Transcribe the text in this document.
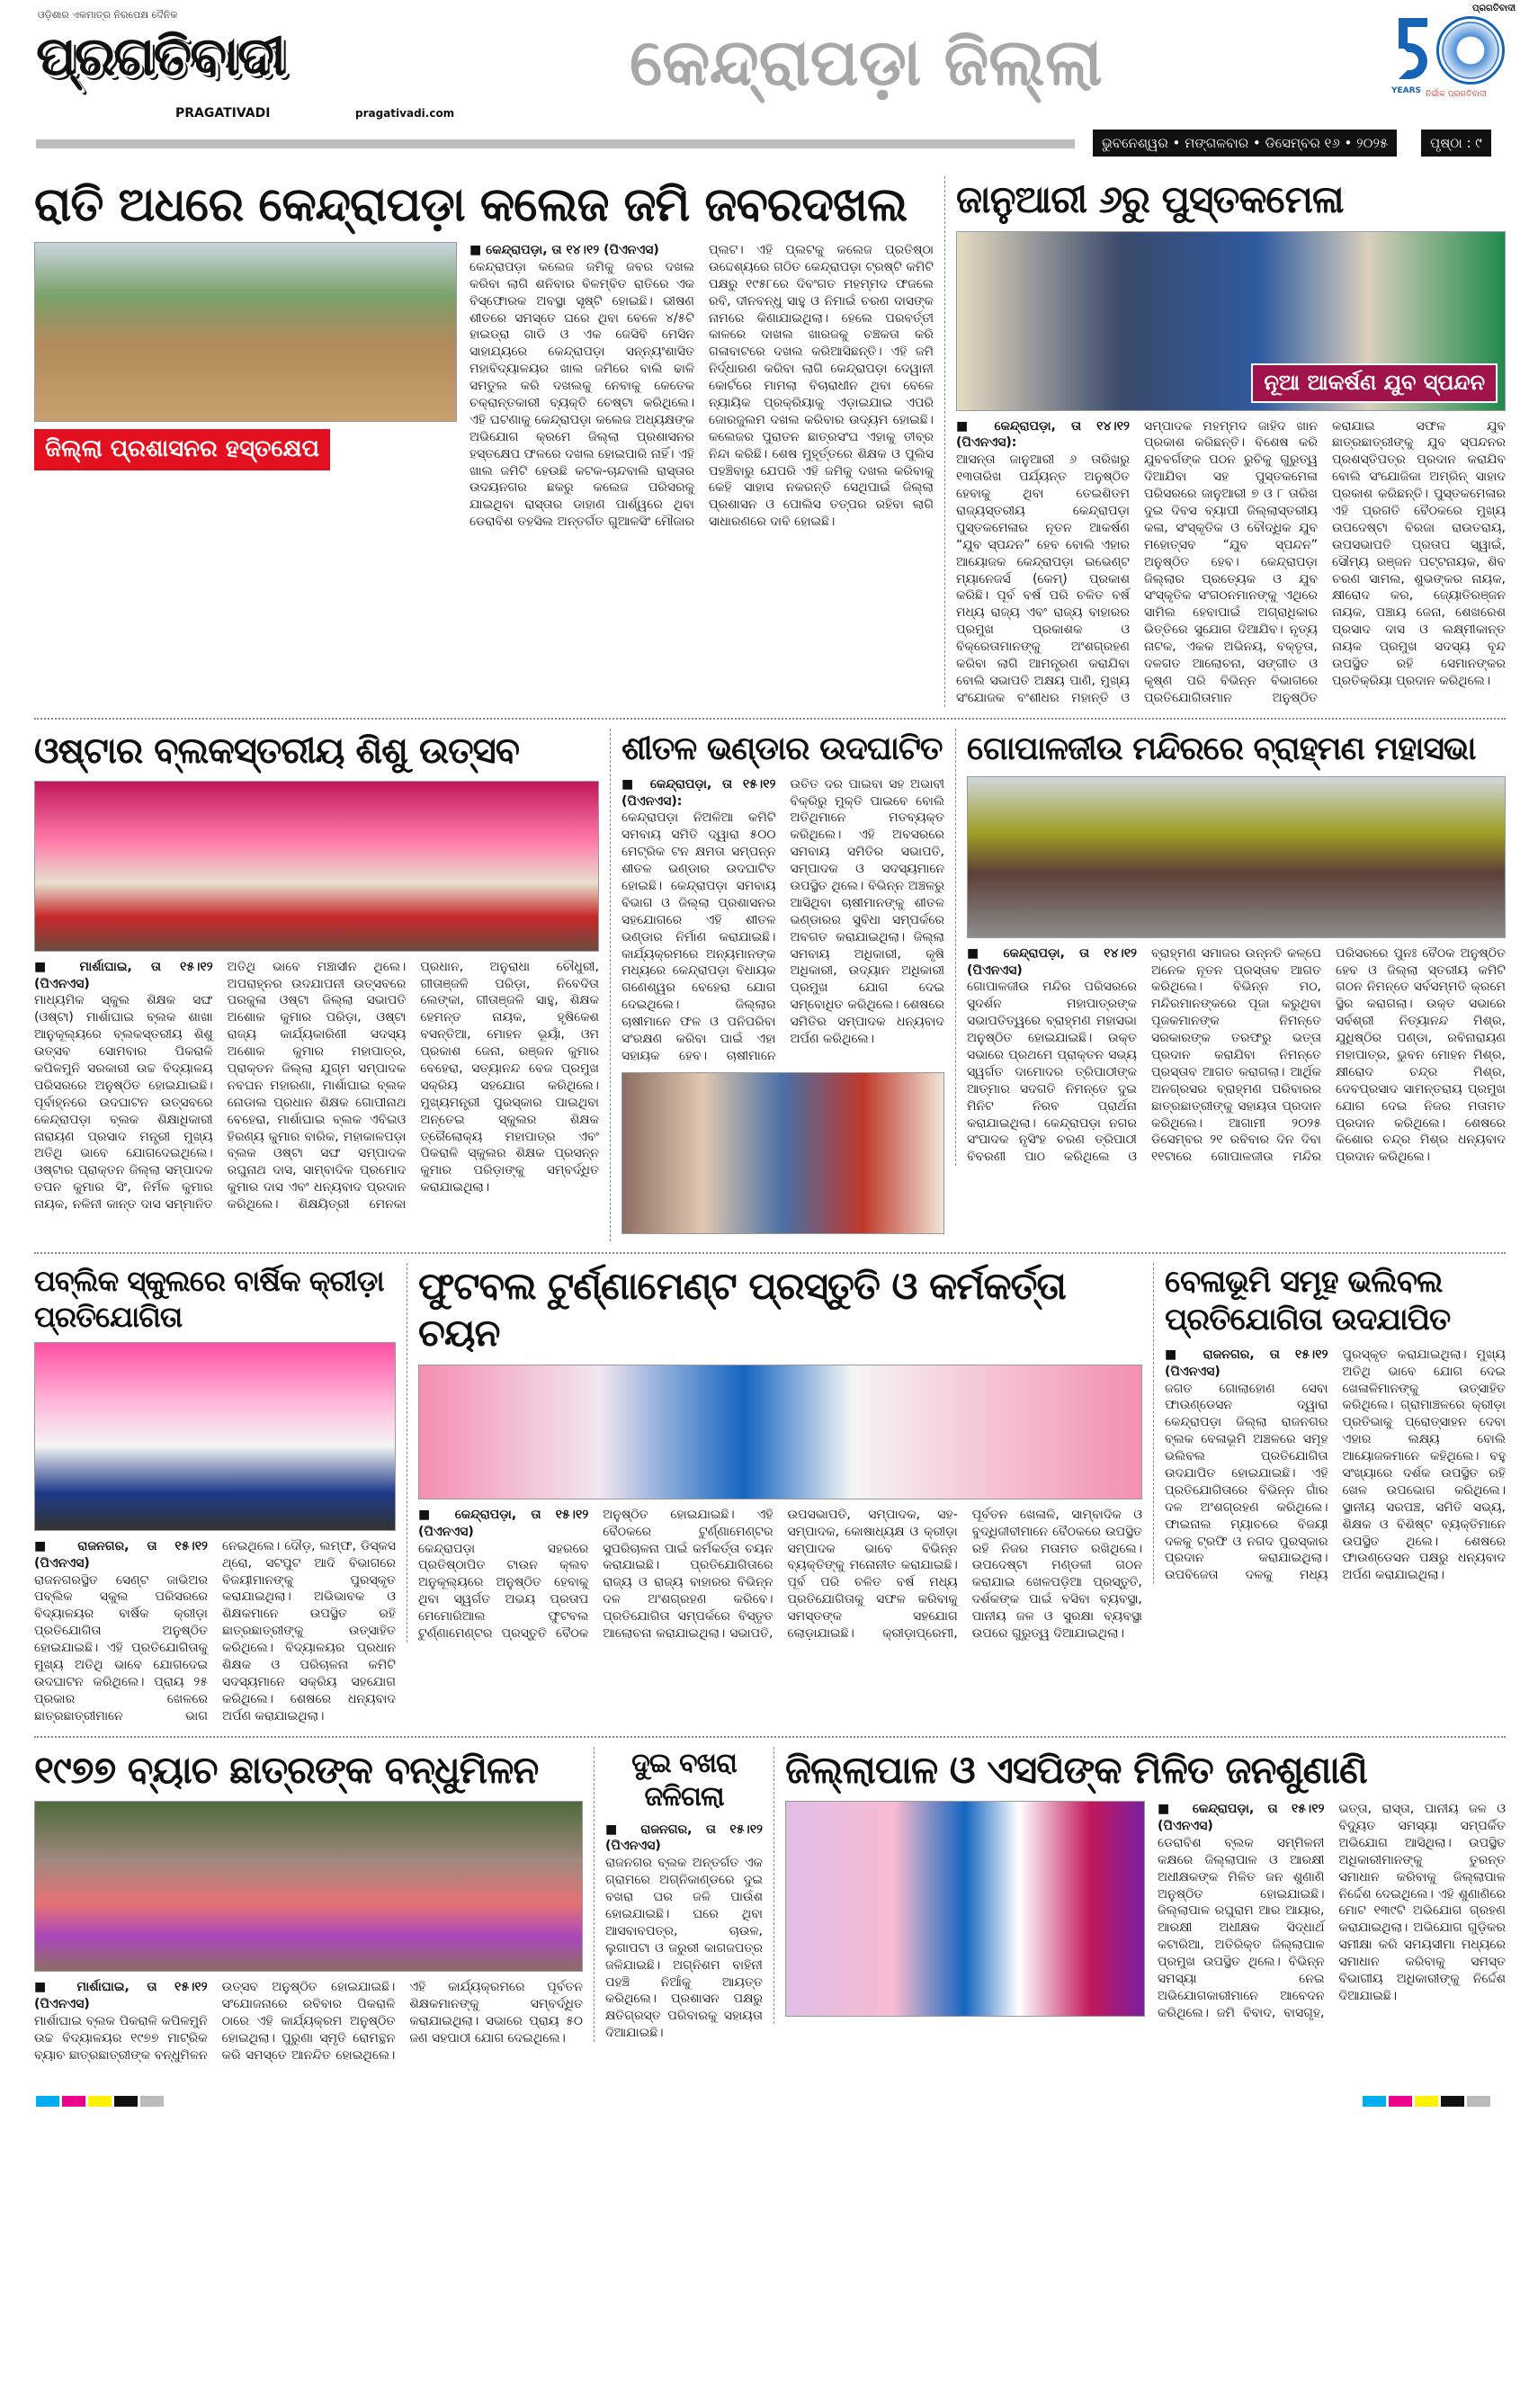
ଓଡ଼ିଶାର ଏକମାତ୍ର ନିରପେକ୍ଷ ଦୈନିକ
ପ୍ରଗତିବାଦୀ
PRAGATIVADI	pragativadi.com
କେନ୍ଦ୍ରାପଡ଼ା ଜିଲ୍ଲା
ପ୍ରଗତିବାଦୀ
YEARS ନିର୍ଭୀକ ପ୍ରଗତିବାଦୀ
ଭୁବନେଶ୍ୱର • ମଙ୍ଗଳବାର • ଡିସେମ୍ବର ୧୬ • ୨୦୨୫	ପୃଷ୍ଠା : ୯
ରାତି ଅଧରେ କେନ୍ଦ୍ରାପଡ଼ା କଲେଜ ଜମି ଜବରଦଖଲ
ଜିଲ୍ଲା ପ୍ରଶାସନର ହସ୍ତକ୍ଷେପ
■ କେନ୍ଦ୍ରାପଡ଼ା, ତା ୧୪।୧୨ (ପିଏନଏସ)
କେନ୍ଦ୍ରାପଡ଼ା କଲେଜ ଜମିକୁ ଜବର ଦଖଲ କରିବା ଲାଗି ଶନିବାର ବିଳମ୍ବିତ ରାତିରେ ଏକ ବିସ୍ଫୋରକ ଅବସ୍ଥା ସୃଷ୍ଟି ହୋଇଛି। ଭୀଷଣ ଶୀତରେ ସମସ୍ତେ ଘରେ ଥିବା ବେଳେ ୪/୫ଟି ହାଇଡ୍ରା ଗାଡି ଓ ଏକ ଜେସିବି ମେସିନ ସାହାଯ୍ୟରେ କେନ୍ଦ୍ରାପଡ଼ା ସନ୍ନ୍ୟଂଶାସିତ ମହାବିଦ୍ୟାଳୟର ଖାଲ ଜମିରେ ବାଲି ଢାଳି ସମତୁଲ କରି ଦଖଲକୁ ନେବାକୁ କେତେକ ଚକ୍ରାନ୍ତକାରୀ ବ୍ୟକ୍ତି ଚେଷ୍ଟା କରିଥିଲେ। ଏହି ଘଟଣାକୁ କେନ୍ଦ୍ରାପଡ଼ା କଲେଜ ଅଧ୍ୟକ୍ଷଙ୍କ ଅଭିଯୋଗ କ୍ରମେ ଜିଲ୍ଲା ପ୍ରଶାସନର ହସ୍ତକ୍ଷେପ ଫଳରେ ଦଖଲ ହୋଇପାରି ନାହିଁ। ଏହି ଖାଲ ଜମିଟି ହେଉଛି କଟକ-ଚାନ୍ଦବାଲି ରାସ୍ତାର ଉଦୟନଗର ଛକରୁ କଲେଜ ପରିସରକୁ ଯାଇଥିବା ରାସ୍ତାର ଡାହାଣ ପାର୍ଶ୍ୱରେ ଥିବା ଡେରାବିଶ ତହସିଲ ଅନ୍ତର୍ଗତ ଗୁଆଳସିଂ ମୌଜାର ପ୍ଲଟ। ଏହି ପ୍ଲଟକୁ କଲେଜ ପ୍ରତିଷ୍ଠା ଉଦ୍ଦେଶ୍ୟରେ ଗଠିତ କେନ୍ଦ୍ରାପଡ଼ା ଟ୍ରଷ୍ଟି କମିଟି ପକ୍ଷରୁ ୧୯୫୮ରେ ଦିବଂଗତ ମହମ୍ମଦ ଫଜଲେ ରବି, ଦୀନବନ୍ଧୁ ସାହୁ ଓ ନିମାଇଁ ଚରଣ ଦାସଙ୍କ ନାମରେ କିଣାଯାଇଥିଲା। ହେଲେ ପରବର୍ତ୍ତୀ କାଳରେ ଦାଖଲ ଖାରଜକୁ ଚଞ୍ଚକତା କରି ଗଳାବାଟରେ ଦଖଲ କରିଆସିଛନ୍ତି। ଏହି ଜମି ନିର୍ଦ୍ଧାରଣ କରିବା ଲାଗି କେନ୍ଦ୍ରାପଡ଼ା ଦେୱାନୀ କୋର୍ଟରେ ମାମଲା ବିଚାରାଧୀନ ଥିବା ବେଳେ ନ୍ୟାୟିକ ପ୍ରକ୍ରିୟାକୁ ଏଡ଼ାଇଯାଇ ଏପରି ଜୋରଜୁଲମ ଦଖଲ କରିବାର ଉଦ୍ୟମ ହୋଇଛି। କଲେଜର ପୁରାତନ ଛାତ୍ରସଂଘ ଏହାକୁ ତୀବ୍ର ନିନ୍ଦା କରିଛି। ଶେଷ ମୁହୂର୍ତ୍ତରେ ଶିକ୍ଷକ ଓ ପୁଲିସ ପହଞ୍ଚିବାରୁ ଯେପରି ଏହି ଜମିକୁ ଦଖଲ କରିବାକୁ କେହି ସାହାସ ନକରନ୍ତି ସେଥିପାଇଁ ଜିଲ୍ଲା ପ୍ରଶାସନ ଓ ପୋଲିସ ତତ୍ପର ରହିବା ଲାଗି ସାଧାରଣରେ ଦାବି ହୋଇଛି।
ଜାନୁଆରୀ ୬ରୁ ପୁସ୍ତକମେଳା
ନୂଆ ଆକର୍ଷଣ ଯୁବ ସ୍ପନ୍ଦନ
■ କେନ୍ଦ୍ରାପଡ଼ା, ତା ୧୪।୧୨ (ପିଏନଏସ):
ଆସନ୍ତା ଜାନୁଆରୀ ୬ ତାରିଖରୁ ୧୩ତାରିଖ ପର୍ଯ୍ୟନ୍ତ ଅନୁଷ୍ଠିତ ହେବାକୁ ଥିବା ତେଇଶିତମ ରାଜ୍ୟସ୍ତରୀୟ କେନ୍ଦ୍ରାପଡ଼ା ପୁସ୍ତକମେଳାର ନୂତନ ଆକର୍ଷଣ “ଯୁବ ସ୍ପନ୍ଦନ” ହେବ ବୋଲି ଏହାର ଆୟୋଜକ କେନ୍ଦ୍ରାପଡ଼ା ଇଭେଣ୍ଟ ମ୍ୟାନେଜର୍ସ (କେମ୍) ପ୍ରକାଶ କରିଛି। ପୂର୍ବ ବର୍ଷ ପରି ଚଳିତ ବର୍ଷ ମଧ୍ୟ ରାଜ୍ୟ ଏବଂ ରାଜ୍ୟ ବାହାରର ପ୍ରମୁଖ ପ୍ରକାଶକ ଓ ବିକ୍ରେତାମାନଙ୍କୁ ଅଂଶଗ୍ରହଣ କରିବା ଲାଗି ଆମନ୍ତ୍ରଣ କରାଯିବା ବୋଲି ସଭାପତି ଅକ୍ଷୟ ପାଣି, ମୁଖ୍ୟ ସଂଯୋଜକ ବଂଶୀଧର ମହାନ୍ତି ଓ ସମ୍ପାଦକ ମହମ୍ମଦ ଜାହିଦ ଖାନ ପ୍ରକାଶ କରିଛନ୍ତି। ବିଶେଷ କରି ଯୁବବର୍ଗଙ୍କ ପଠନ ରୁଚିକୁ ଗୁରୁତ୍ୱ ଦିଆଯିବା ସହ ପୁସ୍ତକମେଳା ପରିସରରେ ଜାନୁଆରୀ ୭ ଓ ୮ ତାରିଖ ଦୁଇ ଦିବସ ବ୍ୟାପୀ ଜିଲ୍ଲାସ୍ତରୀୟ କଳା, ସଂସ୍କୃତିକ ଓ ବୌଦ୍ଧିକ ଯୁବ ମହୋତ୍ସବ “ଯୁବ ସ୍ପନ୍ଦନ” ଅନୁଷ୍ଠିତ ହେବ। କେନ୍ଦ୍ରାପଡ଼ା ଜିଲ୍ଲାର ପ୍ରତ୍ୟେକ ଓ ଯୁବ ସଂସ୍କୃତିକ ସଂଗଠନମାନଙ୍କୁ ଏଥିରେ ସାମିଲ ହେବାପାଇଁ ଅଗ୍ରାଧିକାର ଭିତ୍ତିରେ ସୁଯୋଗ ଦିଆଯିବ। ନୃତ୍ୟ ନାଟକ, ଏକକ ଅଭିନୟ, ବକ୍ତୃତା, ଦଳଗତ ଆଲୋଚନା, ସଙ୍ଗୀତ ଓ କୃଷ୍ଣ ପରି ବିଭିନ୍ନ ବିଭାଗରେ ପ୍ରତିଯୋଗିତାମାନ ଅନୁଷ୍ଠିତ କରାଯାଇ ସଫଳ ଯୁବ ଛାତ୍ରଛାତ୍ରୀଙ୍କୁ ଯୁବ ସ୍ପନ୍ଦନର ପ୍ରଶସ୍ତିପତ୍ର ପ୍ରଦାନ କରାଯିବ ବୋଲି ସଂଯୋଜିକା ଅମ୍ରିନ୍ ସାହାଦ ପ୍ରକାଶ କରିଛନ୍ତି। ପୁସ୍ତକମେଳାର ଏହି ପ୍ରଗତି ବୈଠକରେ ମୁଖ୍ୟ ଉପଦେଷ୍ଟା ବିରଜା ରାଉତରାୟ, ଉପସଭାପତି ପ୍ରତାପ ସ୍ୱାଇଁ, ସୌମ୍ୟ ରଞ୍ଜନ ପଟ୍ଟନାୟକ, ଶିବ ଚରଣ ସାମଲ, ଶୁଭଙ୍କର ନାୟକ, କ୍ଷୀରୋଦ କର, ଜ୍ୟୋତିରଞ୍ଜନ ନାୟକ, ପଞ୍ଚାୟ ଜେନା, ଶେଖରେଶ ପ୍ରସାଦ ଦାସ ଓ ଲକ୍ଷ୍ମୀକାନ୍ତ ନାୟକ ପ୍ରମୁଖ ସଦସ୍ୟ ବୃନ୍ଦ ଉପସ୍ଥିତ ରହି ସେମାନଙ୍କର ପ୍ରତିକ୍ରିୟା ପ୍ରଦାନ କରିଥିଲେ।
ଓଷ୍ଟାର ବ୍ଲକସ୍ତରୀୟ ଶିଶୁ ଉତ୍ସବ
■ ମାର୍ଶାଘାଇ, ତା ୧୫।୧୨ (ପିଏନଏସ)
ମାଧ୍ୟମିକ ସ୍କୁଲ ଶିକ୍ଷକ ସଙ୍ଘ (ଓଷ୍ଟା) ମାର୍ଶାଘାଇ ବ୍ଲକ ଶାଖା ଆନୁକୂଲ୍ୟରେ ବ୍ଲକସ୍ତରୀୟ ଶିଶୁ ଉତ୍ସବ ସୋମବାର ପିକରାଳି କପିଳମୁନି ସରକାରୀ ଉଚ୍ଚ ବିଦ୍ୟାଳୟ ପରିସରରେ ଅନୁଷ୍ଠିତ ହୋଇଯାଇଛି। ପୂର୍ବାହ୍ନରେ ଉଦଘାଟନ ଉତ୍ସବରେ କେନ୍ଦ୍ରାପଡ଼ା ବ୍ଲକ ଶିକ୍ଷାଧିକାରୀ ନାରାୟଣ ପ୍ରସାଦ ମନ୍ତ୍ରୀ ମୁଖ୍ୟ ଅତିଥି ଭାବେ ଯୋଗଦେଇଥିଲେ। ଓଷ୍ଟାର ପ୍ରାକ୍ତନ ଜିଲ୍ଲା ସମ୍ପାଦକ ତପନ କୁମାର ସିଂ, ନିର୍ମଳ କୁମାର ନାୟକ, ନଳିନୀ କାନ୍ତ ଦାସ ସମ୍ମାନିତ ଅତିଥି ଭାବେ ମଞ୍ଚାସୀନ ଥିଲେ। ଅପରାହ୍ନର ଉଦଯାପନୀ ଉତ୍ସବରେ ପରକୁଳା ଓଷ୍ଟା ଜିଲ୍ଲା ସଭାପତି ଅଶୋକ କୁମାର ପରିଡ଼ା, ଓଷ୍ଟା ରାଜ୍ୟ କାର୍ଯ୍ୟକାରିଣୀ ସଦସ୍ୟ ଅଶୋକ କୁମାର ମହାପାତ୍ର, ପ୍ରାକ୍ତନ ଜିଲ୍ଲା ଯୁଗ୍ମ ସମ୍ପାଦକ ନବଘନ ମହାରଣା, ମାର୍ଶାଘାଇ ବ୍ଲକ ନୋଡାଲ ପ୍ରଧାନ ଶିକ୍ଷକ ଗୋପୀନାଥ ବେହେରା, ମାର୍ଶାଘାଇ ବ୍ଲକ ଏବିଇଓ ହିରଣ୍ୟ କୁମାର ବାରିକ, ମହାକାଳପଡ଼ା ବ୍ଲକ ଓଷ୍ଟା ସଙ୍ଘ ସମ୍ପାଦକ ରଘୁନାଥ ଦାସ, ସାମ୍ବାଦିକ ପ୍ରମୋଦ କୁମାର ଦାସ ଏବଂ ଧନ୍ୟବାଦ ପ୍ରଦାନ କରିଥିଲେ। ଶିକ୍ଷୟିତ୍ରୀ ମେନକା ପ୍ରଧାନ, ଅନୁରାଧା ଚୌଧୁରୀ, ଗୀତାଞ୍ଜଳି ପରିଡ଼ା, ନିବେଦିତା ଲେଙ୍କା, ଗୀତାଞ୍ଜଳି ସାହୁ, ଶିକ୍ଷକ ହେମନ୍ତ ନାୟକ, ହୃଷିକେଶ ବସନ୍ତିଆ, ମୋହନ ଭୂୟାଁ, ଓମ ପ୍ରକାଶ ଜେନା, ରଞ୍ଜନ କୁମାର ବେହେରା, ସତ୍ୟାନନ୍ଦ ବେଜ ପ୍ରମୁଖ ସକ୍ରିୟ ସହଯୋଗ କରିଥିଲେ। ମୁଖ୍ୟମନ୍ତ୍ରୀ ପୁରସ୍କାର ପାଇଥିବା ଅନ୍ତେଇ ସ୍କୁଲର ଶିକ୍ଷକ ତ୍ରୈଲୋକ୍ୟ ମହାପାତ୍ର ଏବଂ ପିକରାଳି ସ୍କୁଲର ଶିକ୍ଷକ ପ୍ରସନ୍ନ କୁମାର ପରିଡ଼ାଙ୍କୁ ସମ୍ବର୍ଦ୍ଧିତ କରାଯାଇଥିଲା।
ଶୀତଳ ଭଣ୍ଡାର ଉଦଘାଟିତ
■ କେନ୍ଦ୍ରାପଡ଼ା, ତା ୧୫।୧୨ (ପିଏନଏସ):
କେନ୍ଦ୍ରାପଡ଼ା ନିଅଳିଆ କମିଟି ସମବାୟ ସମିତି ଦ୍ୱାରା ୫୦୦ ମେଟ୍ରିକ ଟନ କ୍ଷମତା ସମ୍ପନ୍ନ ଶୀତଳ ଭଣ୍ଡାର ଉଦଘାଟିତ ହୋଇଛି। କେନ୍ଦ୍ରାପଡ଼ା ସମବାୟ ବିଭାଗ ଓ ଜିଲ୍ଲା ପ୍ରଶାସନର ସହଯୋଗରେ ଏହି ଶୀତଳ ଭଣ୍ଡାର ନିର୍ମାଣ କରାଯାଇଛି। କାର୍ଯ୍ୟକ୍ରମରେ ଅନ୍ୟମାନଙ୍କ ମଧ୍ୟରେ କେନ୍ଦ୍ରାପଡ଼ା ବିଧାୟକ ଗଣେଶ୍ୱର ବେହେରା ଯୋଗ ଦେଇଥିଲେ। ଜିଲ୍ଲାର ଚାଷୀମାନେ ଫଳ ଓ ପନିପରିବା ସଂରକ୍ଷଣ କରିବା ପାଇଁ ଏହା ସହାୟକ ହେବ। ଚାଷୀମାନେ ଉଚିତ ଦର ପାଇବା ସହ ଅଭାବୀ ବିକ୍ରିରୁ ମୁକ୍ତି ପାଇବେ ବୋଲି ଅତିଥିମାନେ ମତବ୍ୟକ୍ତ କରିଥିଲେ। ଏହି ଅବସରରେ ସମବାୟ ସମିତିର ସଭାପତି, ସମ୍ପାଦକ ଓ ସଦସ୍ୟମାନେ ଉପସ୍ଥିତ ଥିଲେ। ବିଭିନ୍ନ ଅଞ୍ଚଳରୁ ଆସିଥିବା ଚାଷୀମାନଙ୍କୁ ଶୀତଳ ଭଣ୍ଡାରର ସୁବିଧା ସମ୍ପର୍କରେ ଅବଗତ କରାଯାଇଥିଲା। ଜିଲ୍ଲା ସମବାୟ ଅଧିକାରୀ, କୃଷି ଅଧିକାରୀ, ଉଦ୍ୟାନ ଅଧିକାରୀ ପ୍ରମୁଖ ଯୋଗ ଦେଇ ସମ୍ବୋଧିତ କରିଥିଲେ। ଶେଷରେ ସମିତିର ସମ୍ପାଦକ ଧନ୍ୟବାଦ ଅର୍ପଣ କରିଥିଲେ।
ଗୋପାଳଜୀଉ ମନ୍ଦିରରେ ବ୍ରାହ୍ମଣ ମହାସଭା
■ କେନ୍ଦ୍ରାପଡ଼ା, ତା ୧୪।୧୨ (ପିଏନଏସ)
ଗୋପାଳଜୀଉ ମନ୍ଦିର ପରିସରରେ ସୁଦର୍ଶନ ମହାପାତ୍ରଙ୍କ ସଭାପତିତ୍ୱରେ ବ୍ରାହ୍ମଣ ମହାସଭା ଅନୁଷ୍ଠିତ ହୋଇଯାଇଛି। ଉକ୍ତ ସଭାରେ ପ୍ରଥମେ ପ୍ରାକ୍ତନ ସଭ୍ୟ ସ୍ୱର୍ଗତ ଦାମୋଦର ତ୍ରିପାଠୀଙ୍କ ଆତ୍ମାର ସଦଗତି ନିମନ୍ତେ ଦୁଇ ମିନିଟ ନିରବ ପ୍ରାର୍ଥନା କରାଯାଇଥିଲା। କେନ୍ଦ୍ରାପଡ଼ା ନଗର ସଂପାଦକ ନୃସିଂହ ଚରଣ ତ୍ରିପାଠୀ ବିବରଣୀ ପାଠ କରିଥିଲେ ଓ ବ୍ରାହ୍ମଣ ସମାଜର ଉନ୍ନତି କଳ୍ପେ ଅନେକ ନୂତନ ପ୍ରସ୍ତାବ ଆଗତ କରିଥିଲେ। ବିଭିନ୍ନ ମଠ, ମନ୍ଦିରମାନଙ୍କରେ ପୂଜା କରୁଥିବା ପୂଜକମାନଙ୍କ ନିମନ୍ତେ ସରକାରଙ୍କ ତରଫରୁ ଭତ୍ତା ପ୍ରଦାନ କରାଯିବା ନିମନ୍ତେ ପ୍ରସ୍ତାବ ଆଗତ କରାଗଲା। ଆର୍ଥିକ ଅନଗ୍ରସର ବ୍ରାହ୍ମଣ ପରିବାରର ଛାତ୍ରଛାତ୍ରୀଙ୍କୁ ସହାୟତା ପ୍ରଦାନ କରିଥିଲେ। ଆଗାମୀ ୨୦୨୫ ଡିସେମ୍ବର ୨୧ ରବିବାର ଦିନ ଦିବା ୧୧ଟାରେ ଗୋପାଳଜୀଉ ମନ୍ଦିର ପରିସରରେ ପୁନଃ ବୈଠକ ଅନୁଷ୍ଠିତ ହେବ ଓ ଜିଲ୍ଲା ସ୍ତରୀୟ କମିଟି ଗଠନ ନିମନ୍ତେ ସର୍ବସମ୍ମତି କ୍ରମେ ସ୍ଥିର କରାଗଲା। ଉକ୍ତ ସଭାରେ ସର୍ବଶ୍ରୀ ନିତ୍ୟାନନ୍ଦ ମିଶ୍ର, ଯୁଧିଷ୍ଠିର ପଣ୍ଡା, ରବିନାରାୟଣ ମହାପାତ୍ର, ଭୁବନ ମୋହନ ମିଶ୍ର, କ୍ଷୀରୋଦ ଚନ୍ଦ୍ର ମିଶ୍ର, ଦେବପ୍ରସାଦ ସାମନ୍ତରାୟ ପ୍ରମୁଖ ଯୋଗ ଦେଇ ନିଜର ମତାମତ ପ୍ରଦାନ କରିଥିଲେ। ଶେଷରେ କିଶୋର ଚନ୍ଦ୍ର ମିଶ୍ର ଧନ୍ୟବାଦ ପ୍ରଦାନ କରିଥିଲେ।
ପବ୍ଲିକ ସ୍କୁଲରେ ବାର୍ଷିକ କ୍ରୀଡ଼ା ପ୍ରତିଯୋଗିତା
■ ରାଜନଗର, ତା ୧୫।୧୨ (ପିଏନଏସ)
ରାଜନଗରସ୍ଥିତ ସେଣ୍ଟ ଜାଭିଅର ପବ୍ଲିକ ସ୍କୁଲ ପରିସରରେ ବିଦ୍ୟାଳୟର ବାର୍ଷିକ କ୍ରୀଡ଼ା ପ୍ରତିଯୋଗିତା ଅନୁଷ୍ଠିତ ହୋଇଯାଇଛି। ଏହି ପ୍ରତିଯୋଗିତାକୁ ମୁଖ୍ୟ ଅତିଥି ଭାବେ ଯୋଗଦେଇ ଉଦଘାଟନ କରିଥିଲେ। ପ୍ରାୟ ୨୫ ପ୍ରକାର ଖେଳରେ ଛାତ୍ରଛାତ୍ରୀମାନେ ଭାଗ ନେଇଥିଲେ। ଦୌଡ଼, ଲମ୍ଫ, ଡିସ୍କସ ଥ୍ରୋ, ସଟପୁଟ ଆଦି ବିଭାଗରେ ବିଜୟୀମାନଙ୍କୁ ପୁରସ୍କୃତ କରାଯାଇଥିଲା। ଅଭିଭାବକ ଓ ଶିକ୍ଷକମାନେ ଉପସ୍ଥିତ ରହି ଛାତ୍ରଛାତ୍ରୀଙ୍କୁ ଉତ୍ସାହିତ କରିଥିଲେ। ବିଦ୍ୟାଳୟର ପ୍ରଧାନ ଶିକ୍ଷକ ଓ ପରିଚାଳନା କମିଟି ସଦସ୍ୟମାନେ ସକ୍ରିୟ ସହଯୋଗ କରିଥିଲେ। ଶେଷରେ ଧନ୍ୟବାଦ ଅର୍ପଣ କରାଯାଇଥିଲା।
ଫୁଟବଲ ଟୁର୍ଣ୍ଣାମେଣ୍ଟ ପ୍ରସ୍ତୁତି ଓ କର୍ମକର୍ତ୍ତା ଚୟନ
■ କେନ୍ଦ୍ରାପଡ଼ା, ତା ୧୫।୧୨ (ପିଏନଏସ)
କେନ୍ଦ୍ରାପଡ଼ା ସହରରେ ପ୍ରତିଷ୍ଠାପିତ ଟାଉନ କ୍ଲବ ଅନୁକୂଲ୍ୟରେ ଅନୁଷ୍ଠିତ ହେବାକୁ ଥିବା ସ୍ୱର୍ଗତ ଅଭୟ ପ୍ରତାପ ମେମୋରିଆଲ ଫୁଟବଲ ଟୁର୍ଣ୍ଣାମେଣ୍ଟର ପ୍ରସ୍ତୁତି ବୈଠକ ଅନୁଷ୍ଠିତ ହୋଇଯାଇଛି। ଏହି ବୈଠକରେ ଟୁର୍ଣ୍ଣାମେଣ୍ଟର ସୁପରିଚାଳନା ପାଇଁ କର୍ମକର୍ତ୍ତା ଚୟନ କରାଯାଇଛି। ପ୍ରତିଯୋଗିତାରେ ରାଜ୍ୟ ଓ ରାଜ୍ୟ ବାହାରର ବିଭିନ୍ନ ଦଳ ଅଂଶଗ୍ରହଣ କରିବେ। ପ୍ରତିଯୋଗିତା ସମ୍ପର୍କରେ ବିସ୍ତୃତ ଆଲୋଚନା କରାଯାଇଥିଲା। ସଭାପତି, ଉପସଭାପତି, ସମ୍ପାଦକ, ସହ-ସମ୍ପାଦକ, କୋଷାଧ୍ୟକ୍ଷ ଓ କ୍ରୀଡ଼ା ସମ୍ପାଦକ ଭାବେ ବିଭିନ୍ନ ବ୍ୟକ୍ତିଙ୍କୁ ମନୋନୀତ କରାଯାଇଛି। ପୂର୍ବ ପରି ଚଳିତ ବର୍ଷ ମଧ୍ୟ ପ୍ରତିଯୋଗିତାକୁ ସଫଳ କରିବାକୁ ସମସ୍ତଙ୍କ ସହଯୋଗ ଲୋଡ଼ାଯାଇଛି। କ୍ରୀଡ଼ାପ୍ରେମୀ, ପୂର୍ବତନ ଖେଳାଳି, ସାମ୍ବାଦିକ ଓ ବୁଦ୍ଧିଜୀବୀମାନେ ବୈଠକରେ ଉପସ୍ଥିତ ରହି ନିଜର ମତାମତ ରଖିଥିଲେ। ଉପଦେଷ୍ଟା ମଣ୍ଡଳୀ ଗଠନ କରାଯାଇ ଖେଳପଡ଼ିଆ ପ୍ରସ୍ତୁତି, ଦର୍ଶକଙ୍କ ପାଇଁ ବସିବା ବ୍ୟବସ୍ଥା, ପାନୀୟ ଜଳ ଓ ସୁରକ୍ଷା ବ୍ୟବସ୍ଥା ଉପରେ ଗୁରୁତ୍ୱ ଦିଆଯାଇଥିଲା।
ବେଳାଭୂମି ସମୂହ ଭଲିବଲ ପ୍ରତିଯୋଗିତା ଉଦଯାପିତ
■ ରାଜନଗର, ତା ୧୫।୧୨ (ପିଏନଏସ)
ଜଗତ ଗୋଲାହୋଣ ସେବା ଫାଉଣ୍ଡେସନ ଦ୍ୱାରା କେନ୍ଦ୍ରାପଡ଼ା ଜିଲ୍ଲା ରାଜନଗର ବ୍ଲକ ବେଳାଭୂମି ଅଞ୍ଚଳରେ ସମୂହ ଭଲିବଲ ପ୍ରତିଯୋଗିତା ଉଦଯାପିତ ହୋଇଯାଇଛି। ଏହି ପ୍ରତିଯୋଗିତାରେ ବିଭିନ୍ନ ଗାଁର ଦଳ ଅଂଶଗ୍ରହଣ କରିଥିଲେ। ଫାଇନାଲ ମ୍ୟାଚରେ ବିଜୟୀ ଦଳକୁ ଟ୍ରଫି ଓ ନଗଦ ପୁରସ୍କାର ପ୍ରଦାନ କରାଯାଇଥିଲା। ଉପବିଜେତା ଦଳକୁ ମଧ୍ୟ ପୁରସ୍କୃତ କରାଯାଇଥିଲା। ମୁଖ୍ୟ ଅତିଥି ଭାବେ ଯୋଗ ଦେଇ ଖେଳାଳିମାନଙ୍କୁ ଉତ୍ସାହିତ କରିଥିଲେ। ଗ୍ରାମାଞ୍ଚଳରେ କ୍ରୀଡ଼ା ପ୍ରତିଭାକୁ ପ୍ରୋତ୍ସାହନ ଦେବା ଏହାର ଲକ୍ଷ୍ୟ ବୋଲି ଆୟୋଜକମାନେ କହିଥିଲେ। ବହୁ ସଂଖ୍ୟାରେ ଦର୍ଶକ ଉପସ୍ଥିତ ରହି ଖେଳ ଉପଭୋଗ କରିଥିଲେ। ସ୍ଥାନୀୟ ସରପଞ୍ଚ, ସମିତି ସଭ୍ୟ, ଶିକ୍ଷକ ଓ ବିଶିଷ୍ଟ ବ୍ୟକ୍ତିମାନେ ଉପସ୍ଥିତ ଥିଲେ। ଶେଷରେ ଫାଉଣ୍ଡେସନ ପକ୍ଷରୁ ଧନ୍ୟବାଦ ଅର୍ପଣ କରାଯାଇଥିଲା।
୧୯୭୭ ବ୍ୟାଚ ଛାତ୍ରଙ୍କ ବନ୍ଧୁମିଳନ
■ ମାର୍ଶାଘାଇ, ତା ୧୫।୧୨ (ପିଏନଏସ)
ମାର୍ଶାଘାଇ ବ୍ଲକ ପିକରାଳି କପିଳମୁନି ଉଚ୍ଚ ବିଦ୍ୟାଳୟର ୧୯୭୭ ମାଟ୍ରିକ ବ୍ୟାଚ ଛାତ୍ରଛାତ୍ରୀଙ୍କ ବନ୍ଧୁମିଳନ ଉତ୍ସବ ଅନୁଷ୍ଠିତ ହୋଇଯାଇଛି। ସଂଯୋଜନାରେ ରବିବାର ପିକରାଳି ଠାରେ ଏହି କାର୍ଯ୍ୟକ୍ରମ ଅନୁଷ୍ଠିତ ହୋଇଥିଲା। ପୁରୁଣା ସ୍ମୃତି ରୋମନ୍ଥନ କରି ସମସ୍ତେ ଆନନ୍ଦିତ ହୋଇଥିଲେ। ଏହି କାର୍ଯ୍ୟକ୍ରମରେ ପୂର୍ବତନ ଶିକ୍ଷକମାନଙ୍କୁ ସମ୍ବର୍ଦ୍ଧିତ କରାଯାଇଥିଲା। ସଭାରେ ପ୍ରାୟ ୫୦ ଜଣ ସହପାଠୀ ଯୋଗ ଦେଇଥିଲେ।
ଦୁଇ ବଖରା ଜଳିଗଲା
■ ରାଜନଗର, ତା ୧୫।୧୨ (ପିଏନଏସ)
ରାଜନଗର ବ୍ଲକ ଅନ୍ତର୍ଗତ ଏକ ଗ୍ରାମରେ ଅଗ୍ନିକାଣ୍ଡରେ ଦୁଇ ବଖରା ଘର ଜଳି ପାଉଁଶ ହୋଇଯାଇଛି। ଘରେ ଥିବା ଆସବାବପତ୍ର, ଚାଉଳ, ଲୁଗାପଟା ଓ ଜରୁରୀ କାଗଜପତ୍ର ଜଳିଯାଇଛି। ଅଗ୍ନିଶମ ବାହିନୀ ପହଞ୍ଚି ନିଆଁକୁ ଆୟତ୍ତ କରିଥିଲେ। ପ୍ରଶାସନ ପକ୍ଷରୁ କ୍ଷତିଗ୍ରସ୍ତ ପରିବାରକୁ ସହାୟତା ଦିଆଯାଇଛି।
ଜିଲ୍ଲାପାଳ ଓ ଏସପିଙ୍କ ମିଳିତ ଜନଶୁଣାଣି
■ କେନ୍ଦ୍ରାପଡ଼ା, ତା ୧୫।୧୨ (ପିଏନଏସ)
ଡେରାବିଶ ବ୍ଲକ ସମ୍ମିଳନୀ କକ୍ଷରେ ଜିଲ୍ଲାପାଳ ଓ ଆରକ୍ଷୀ ଅଧୀକ୍ଷକଙ୍କ ମିଳିତ ଜନ ଶୁଣାଣି ଅନୁଷ୍ଠିତ ହୋଇଯାଇଛି। ଜିଲ୍ଲାପାଳ ରଘୁରାମ ଆର ଆୟାର, ଆରକ୍ଷୀ ଅଧୀକ୍ଷକ ସିଦ୍ଧାର୍ଥ କଟାରିଆ, ଅତିରିକ୍ତ ଜିଲ୍ଲାପାଳ ପ୍ରମୁଖ ଉପସ୍ଥିତ ଥିଲେ। ବିଭିନ୍ନ ସମସ୍ୟା ନେଇ ଅଭିଯୋଗକାରୀମାନେ ଆବେଦନ କରିଥିଲେ। ଜମି ବିବାଦ, ବାସଗୃହ, ଭତ୍ତା, ରାସ୍ତା, ପାନୀୟ ଜଳ ଓ ବିଦ୍ୟୁତ ସମସ୍ୟା ସମ୍ପର୍କିତ ଅଭିଯୋଗ ଆସିଥିଲା। ଉପସ୍ଥିତ ଅଧିକାରୀମାନଙ୍କୁ ତୁରନ୍ତ ସମାଧାନ କରିବାକୁ ଜିଲ୍ଲାପାଳ ନିର୍ଦ୍ଦେଶ ଦେଇଥିଲେ। ଏହି ଶୁଣାଣିରେ ମୋଟ ୧୩୯ଟି ଅଭିଯୋଗ ଗ୍ରହଣ କରାଯାଇଥିଲା। ଅଭିଯୋଗ ଗୁଡ଼ିକର ସମୀକ୍ଷା କରି ସମୟସୀମା ମଧ୍ୟରେ ସମାଧାନ କରିବାକୁ ସମସ୍ତ ବିଭାଗୀୟ ଅଧିକାରୀଙ୍କୁ ନିର୍ଦ୍ଦେଶ ଦିଆଯାଇଛି।
